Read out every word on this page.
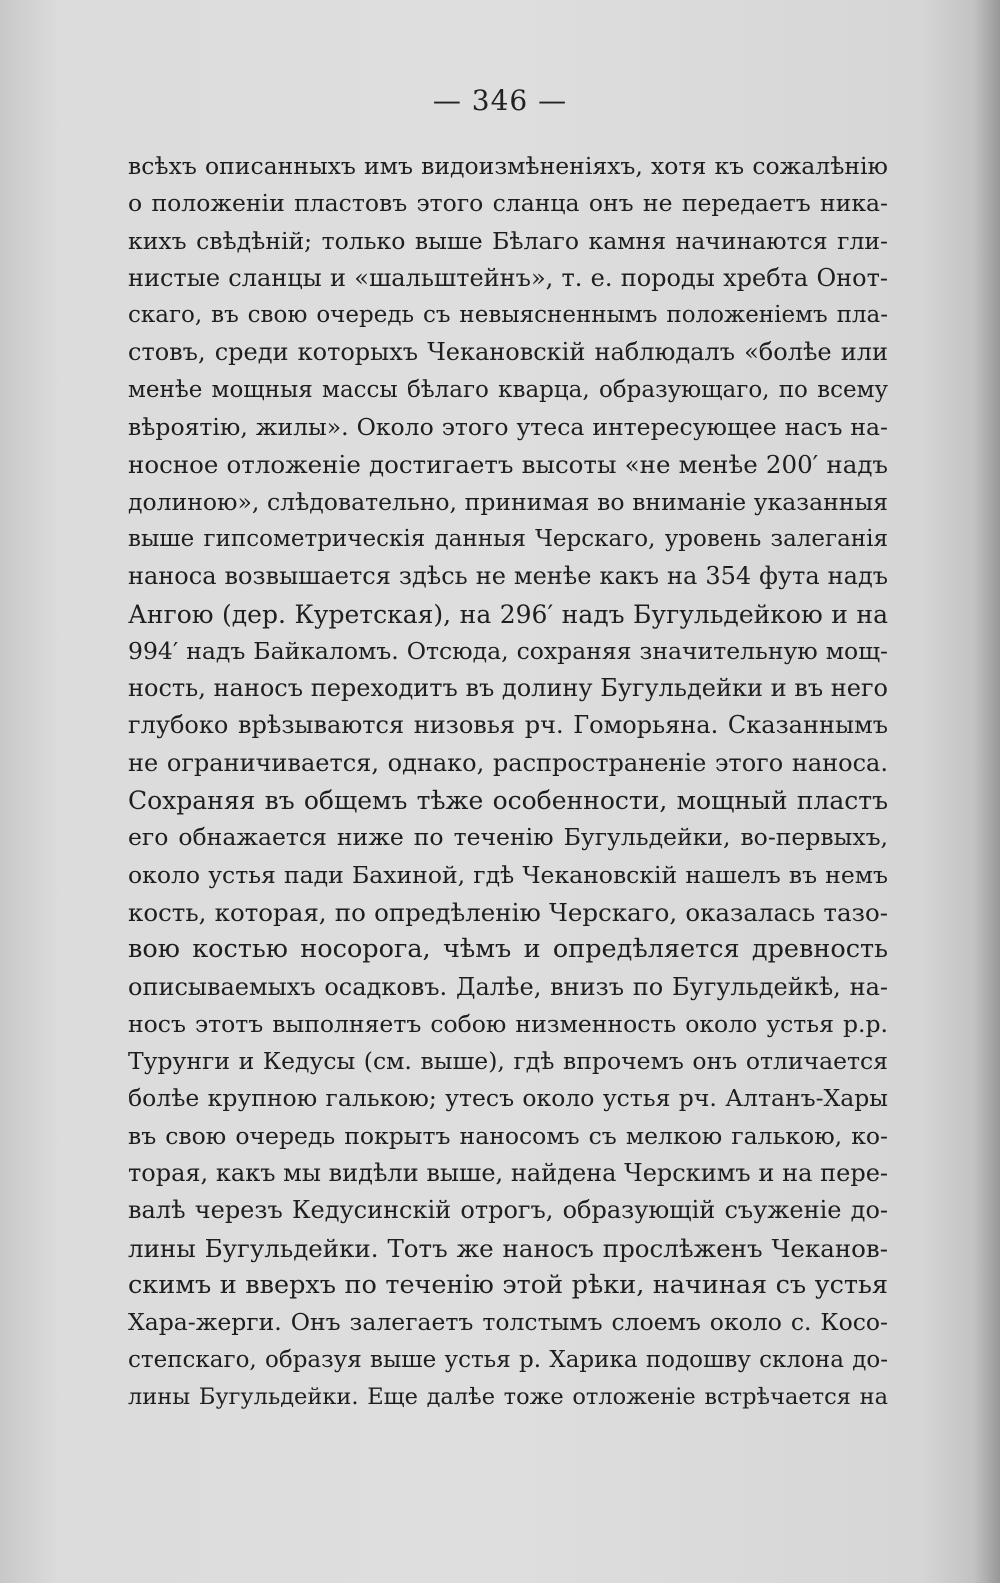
— 346 —
всѣхъ описанныхъ имъ видоизмѣненіяхъ, хотя къ сожалѣнію
о положеніи пластовъ этого сланца онъ не передаетъ ника-
кихъ свѣдѣній; только выше Бѣлаго камня начинаются гли-
нистые сланцы и «шальштейнъ», т. е. породы хребта Онот-
скаго, въ свою очередь съ невыясненнымъ положеніемъ пла-
стовъ, среди которыхъ Чекановскій наблюдалъ «болѣе или
менѣе мощныя массы бѣлаго кварца, образующаго, по всему
вѣроятію, жилы». Около этого утеса интересующее насъ на-
носное отложеніе достигаетъ высоты «не менѣе 200′ надъ
долиною», слѣдовательно, принимая во вниманіе указанныя
выше гипсометрическія данныя Черскаго, уровень залеганія
наноса возвышается здѣсь не менѣе какъ на 354 фута надъ
Ангою (дер. Куретская), на 296′ надъ Бугульдейкою и на
994′ надъ Байкаломъ. Отсюда, сохраняя значительную мощ-
ность, наносъ переходитъ въ долину Бугульдейки и въ него
глубоко врѣзываются низовья рч. Гоморьяна. Сказаннымъ
не ограничивается, однако, распространеніе этого наноса.
Сохраняя въ общемъ тѣже особенности, мощный пластъ
его обнажается ниже по теченію Бугульдейки, во-первыхъ,
около устья пади Бахиной, гдѣ Чекановскій нашелъ въ немъ
кость, которая, по опредѣленію Черскаго, оказалась тазо-
вою костью носорога, чѣмъ и опредѣляется древность
описываемыхъ осадковъ. Далѣе, внизъ по Бугульдейкѣ, на-
носъ этотъ выполняетъ собою низменность около устья р.р.
Турунги и Кедусы (см. выше), гдѣ впрочемъ онъ отличается
болѣе крупною галькою; утесъ около устья рч. Алтанъ-Хары
въ свою очередь покрытъ наносомъ съ мелкою галькою, ко-
торая, какъ мы видѣли выше, найдена Черскимъ и на пере-
валѣ черезъ Кедусинскій отрогъ, образующій съуженіе до-
лины Бугульдейки. Тотъ же наносъ прослѣженъ Чеканов-
скимъ и вверхъ по теченію этой рѣки, начиная съ устья
Хара-жерги. Онъ залегаетъ толстымъ слоемъ около с. Косо-
степскаго, образуя выше устья р. Харика подошву склона до-
лины Бугульдейки. Еще далѣе тоже отложеніе встрѣчается на
